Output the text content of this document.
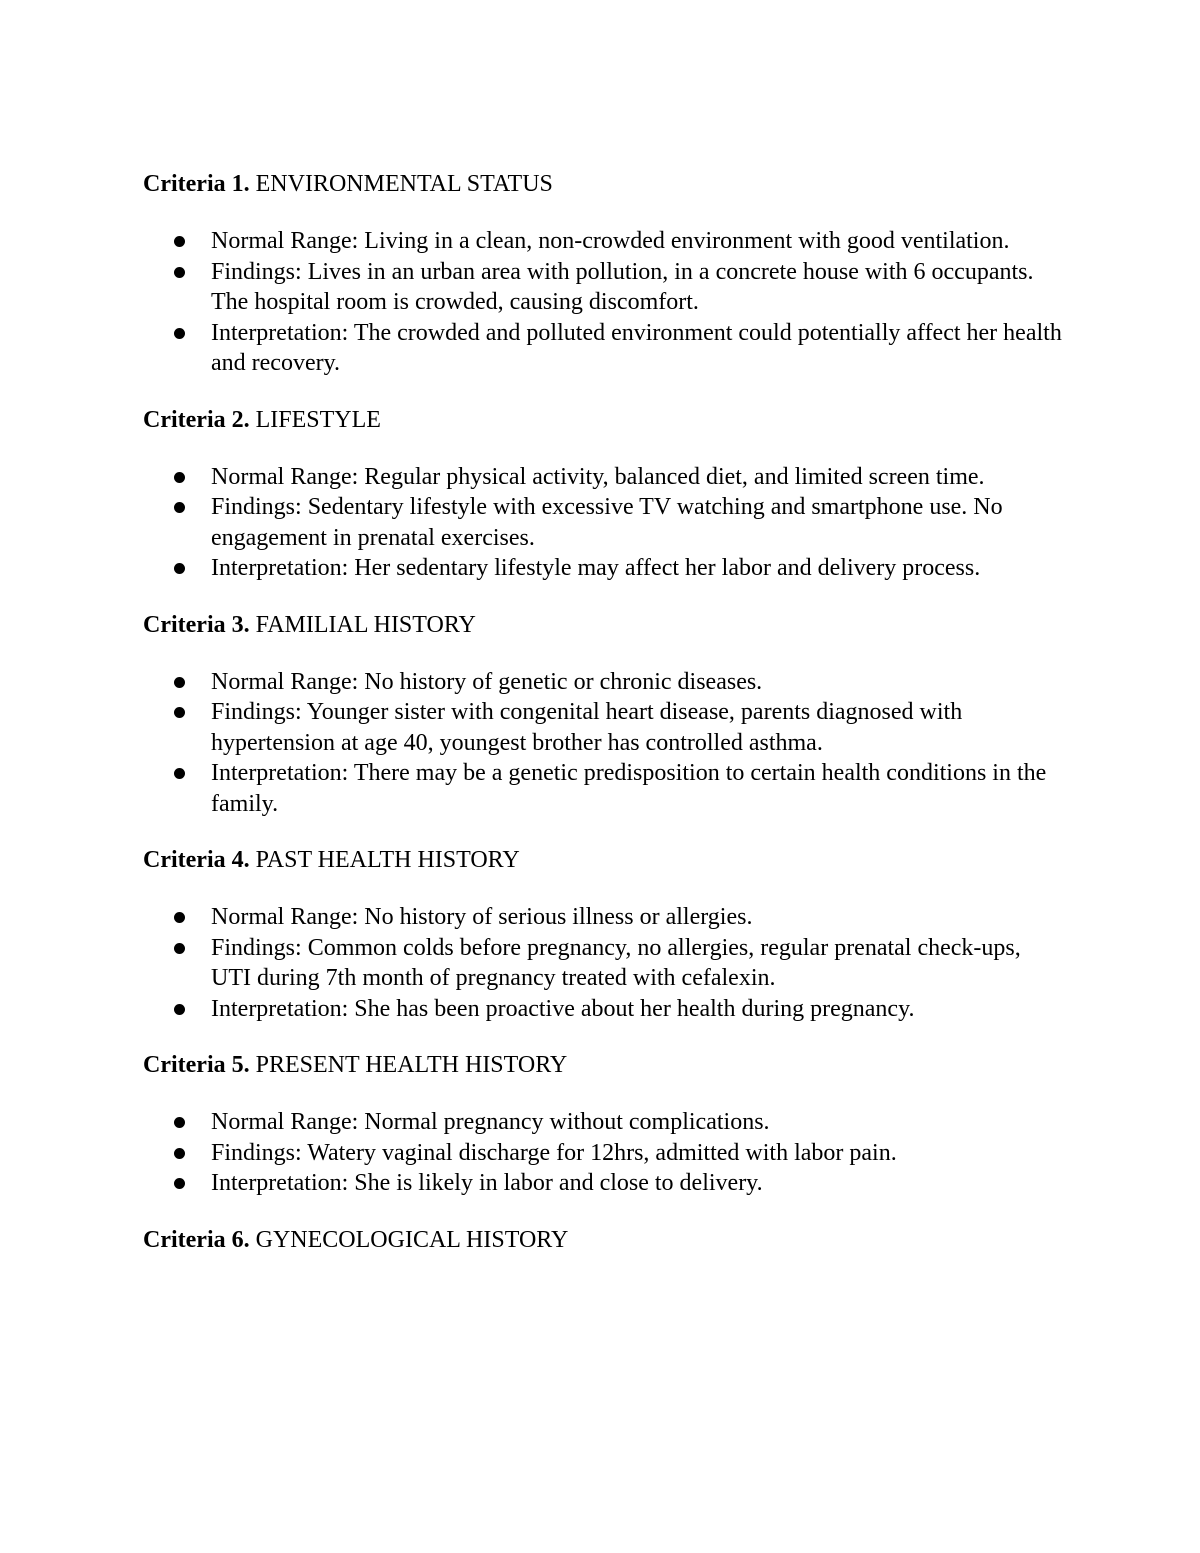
Criteria 1. ENVIRONMENTAL STATUS

Normal Range: Living in a clean, non-crowded environment with good ventilation.
Findings: Lives in an urban area with pollution, in a concrete house with 6 occupants. The hospital room is crowded, causing discomfort.
Interpretation: The crowded and polluted environment could potentially affect her health and recovery.

Criteria 2. LIFESTYLE

Normal Range: Regular physical activity, balanced diet, and limited screen time.
Findings: Sedentary lifestyle with excessive TV watching and smartphone use. No engagement in prenatal exercises.
Interpretation: Her sedentary lifestyle may affect her labor and delivery process.

Criteria 3. FAMILIAL HISTORY

Normal Range: No history of genetic or chronic diseases.
Findings: Younger sister with congenital heart disease, parents diagnosed with hypertension at age 40, youngest brother has controlled asthma.
Interpretation: There may be a genetic predisposition to certain health conditions in the family.

Criteria 4. PAST HEALTH HISTORY

Normal Range: No history of serious illness or allergies.
Findings: Common colds before pregnancy, no allergies, regular prenatal check-ups, UTI during 7th month of pregnancy treated with cefalexin.
Interpretation: She has been proactive about her health during pregnancy.

Criteria 5. PRESENT HEALTH HISTORY

Normal Range: Normal pregnancy without complications.
Findings: Watery vaginal discharge for 12hrs, admitted with labor pain.
Interpretation: She is likely in labor and close to delivery.

Criteria 6. GYNECOLOGICAL HISTORY
